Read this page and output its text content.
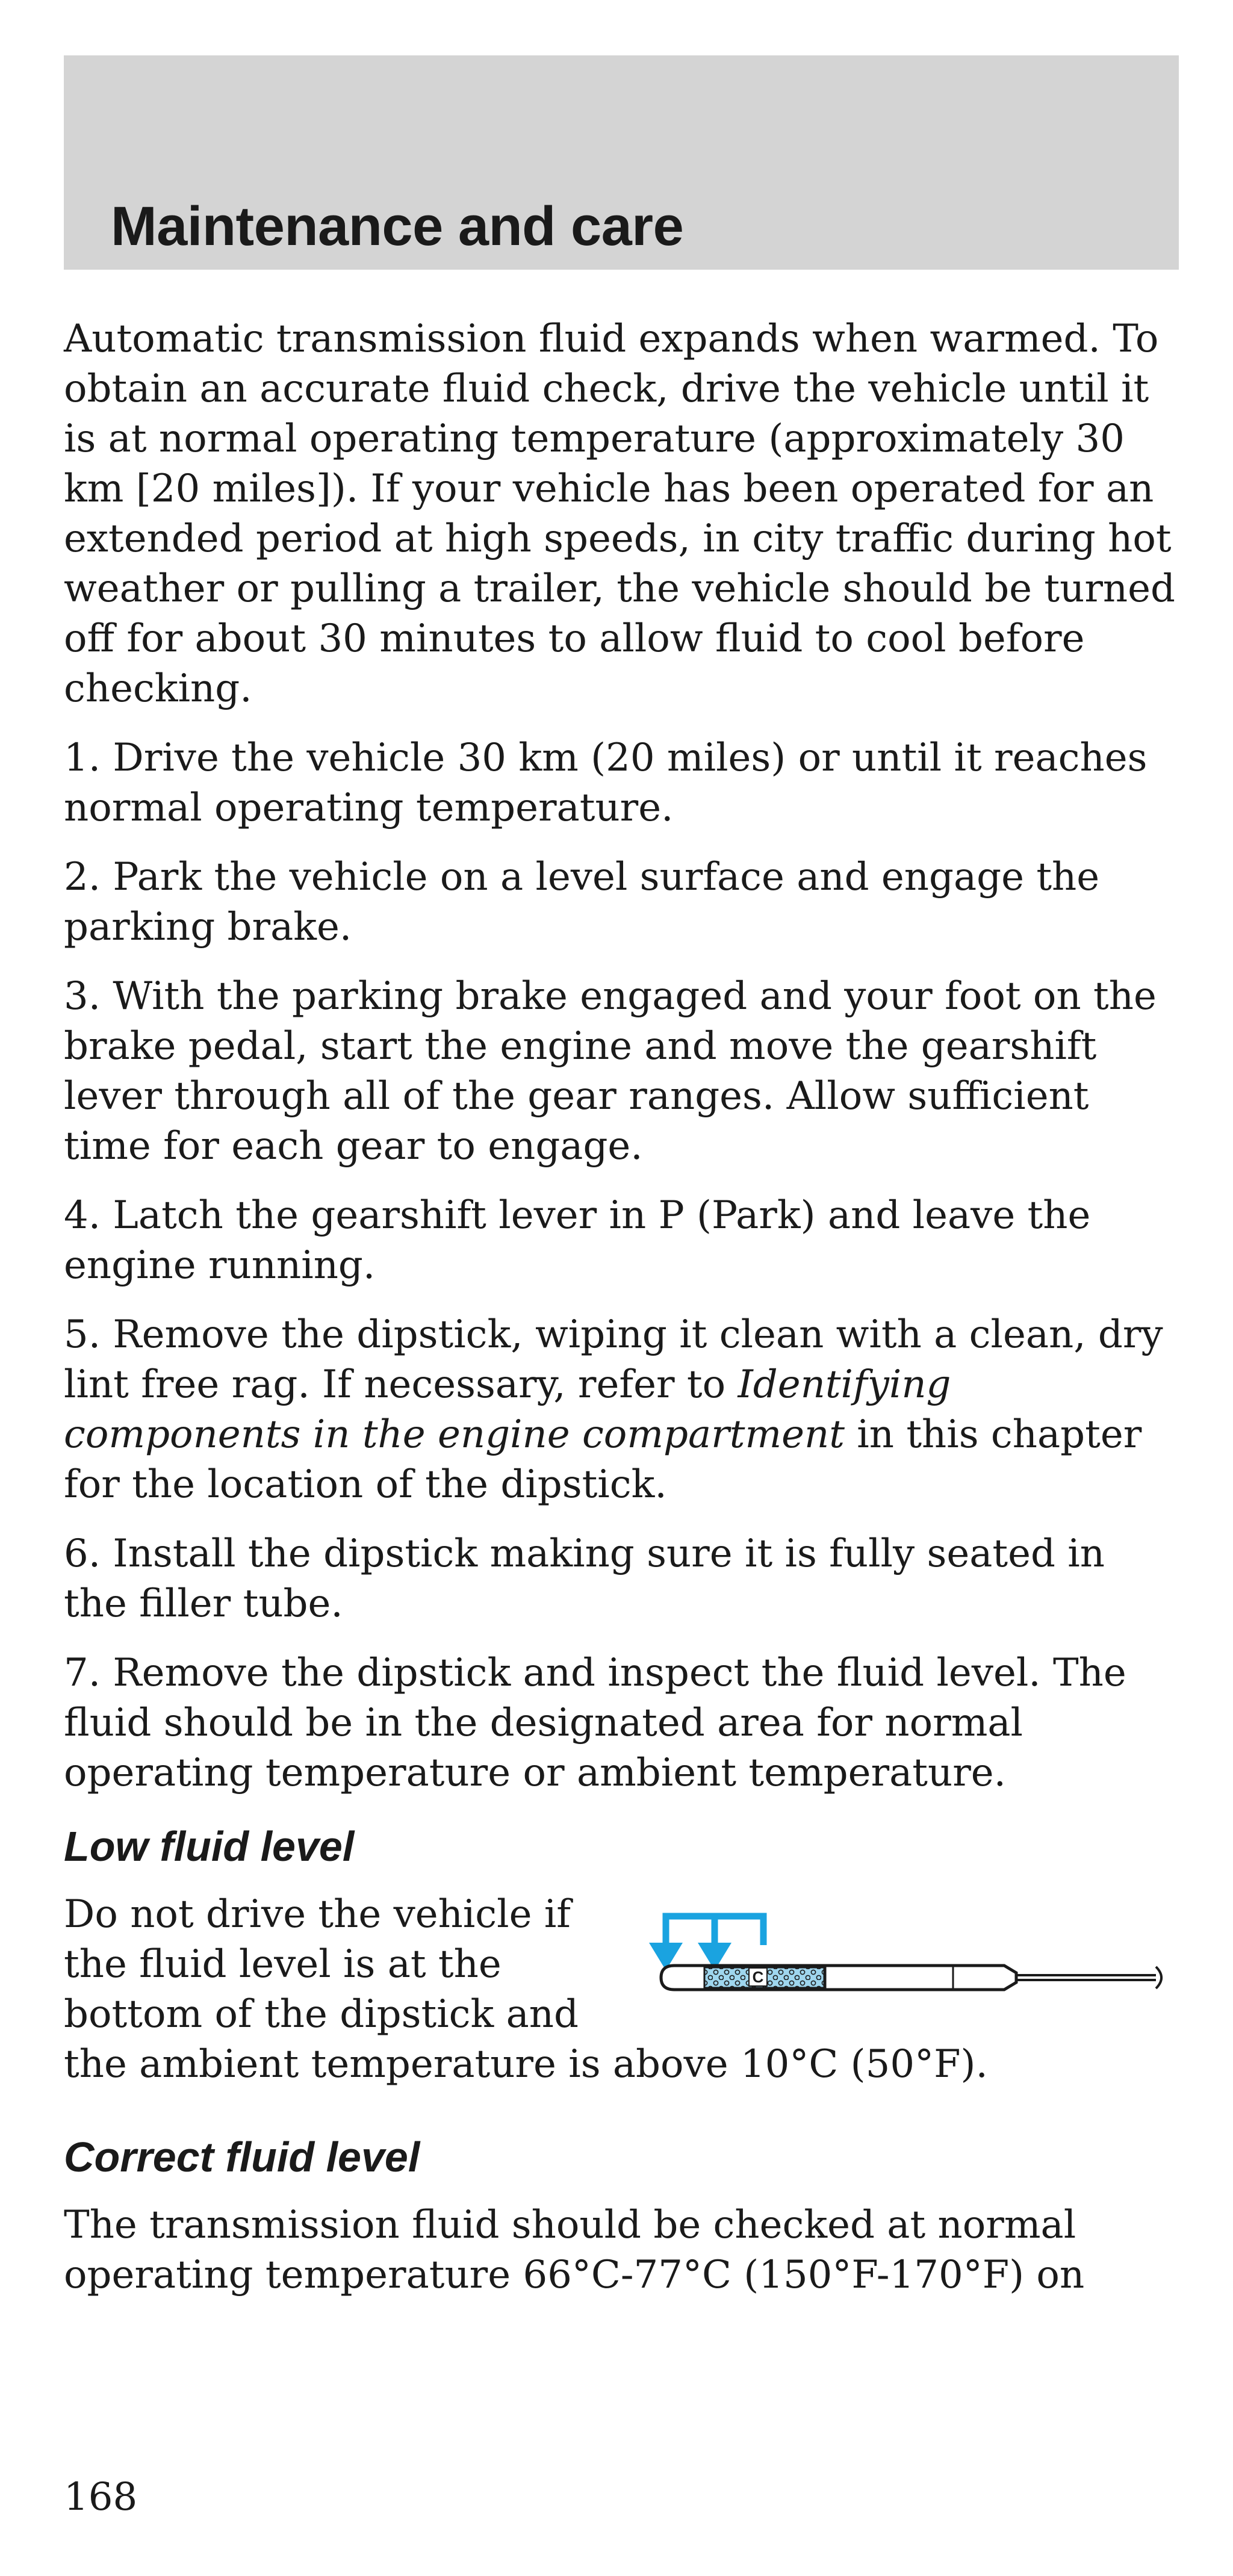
Maintenance and care

Automatic transmission fluid expands when warmed. To obtain an accurate fluid check, drive the vehicle until it is at normal operating temperature (approximately 30 km [20 miles]). If your vehicle has been operated for an extended period at high speeds, in city traffic during hot weather or pulling a trailer, the vehicle should be turned off for about 30 minutes to allow fluid to cool before checking.

1. Drive the vehicle 30 km (20 miles) or until it reaches normal operating temperature.

2. Park the vehicle on a level surface and engage the parking brake.

3. With the parking brake engaged and your foot on the brake pedal, start the engine and move the gearshift lever through all of the gear ranges. Allow sufficient time for each gear to engage.

4. Latch the gearshift lever in P (Park) and leave the engine running.

5. Remove the dipstick, wiping it clean with a clean, dry lint free rag. If necessary, refer to Identifying components in the engine compartment in this chapter for the location of the dipstick.

6. Install the dipstick making sure it is fully seated in the filler tube.

7. Remove the dipstick and inspect the fluid level. The fluid should be in the designated area for normal operating temperature or ambient temperature.

Low fluid level
C

Do not drive the vehicle if the fluid level is at the bottom of the dipstick and the ambient temperature is above 10°C (50°F).

Correct fluid level

The transmission fluid should be checked at normal operating temperature 66°C-77°C (150°F-170°F) on

168
